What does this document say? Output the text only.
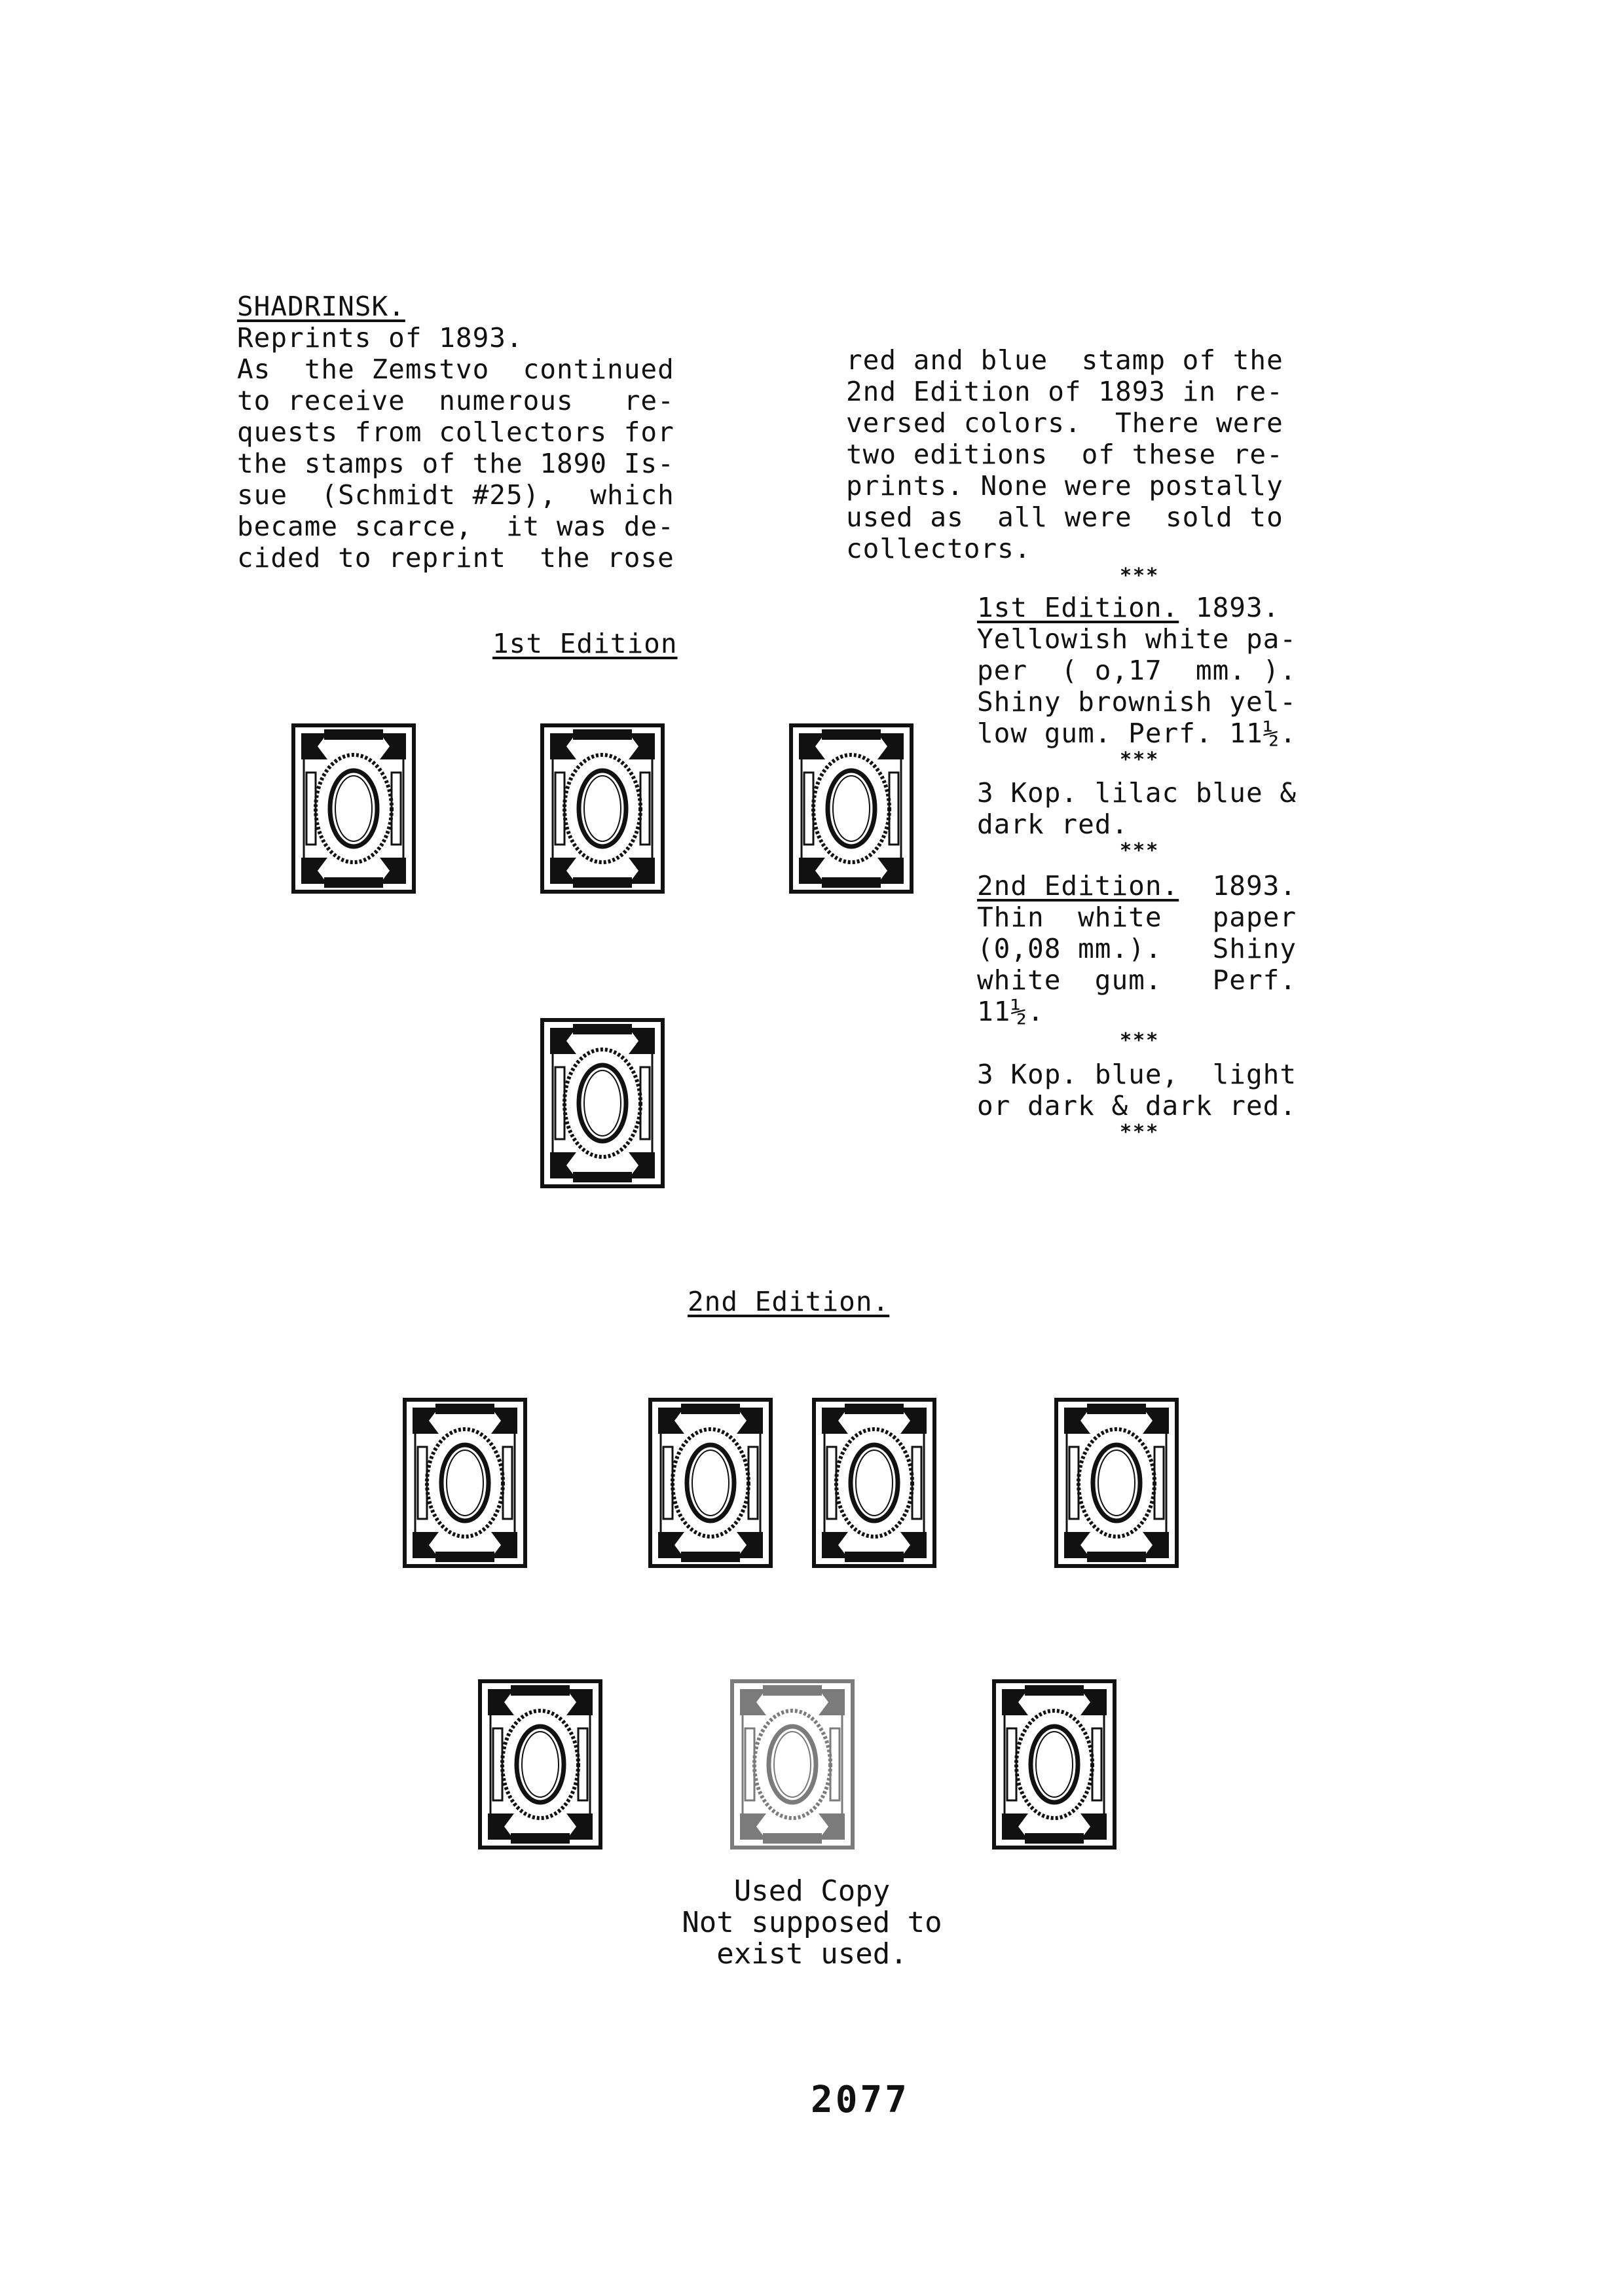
SHADRINSK.
Reprints of 1893.
As  the Zemstvo  continued
to receive  numerous   re-
quests from collectors for
the stamps of the 1890 Is-
sue  (Schmidt #25),  which
became scarce,  it was de-
cided to reprint  the rose
red and blue  stamp of the
2nd Edition of 1893 in re-
versed colors.  There were
two editions  of these re-
prints. None were postally
used as  all were  sold to
collectors.
***
1st Edition. 1893.
Yellowish white pa-
per  ( o,17  mm. ).
Shiny brownish yel-
low gum. Perf. 11½.
***
3 Kop. lilac blue &
dark red.
***
2nd Edition.  1893.
Thin  white   paper
(0,08 mm.).   Shiny
white  gum.   Perf.
11½.
***
3 Kop. blue,  light
or dark & dark red.
***
1st Edition
2nd Edition.
Used Copy
Not supposed to
exist used.
2077
